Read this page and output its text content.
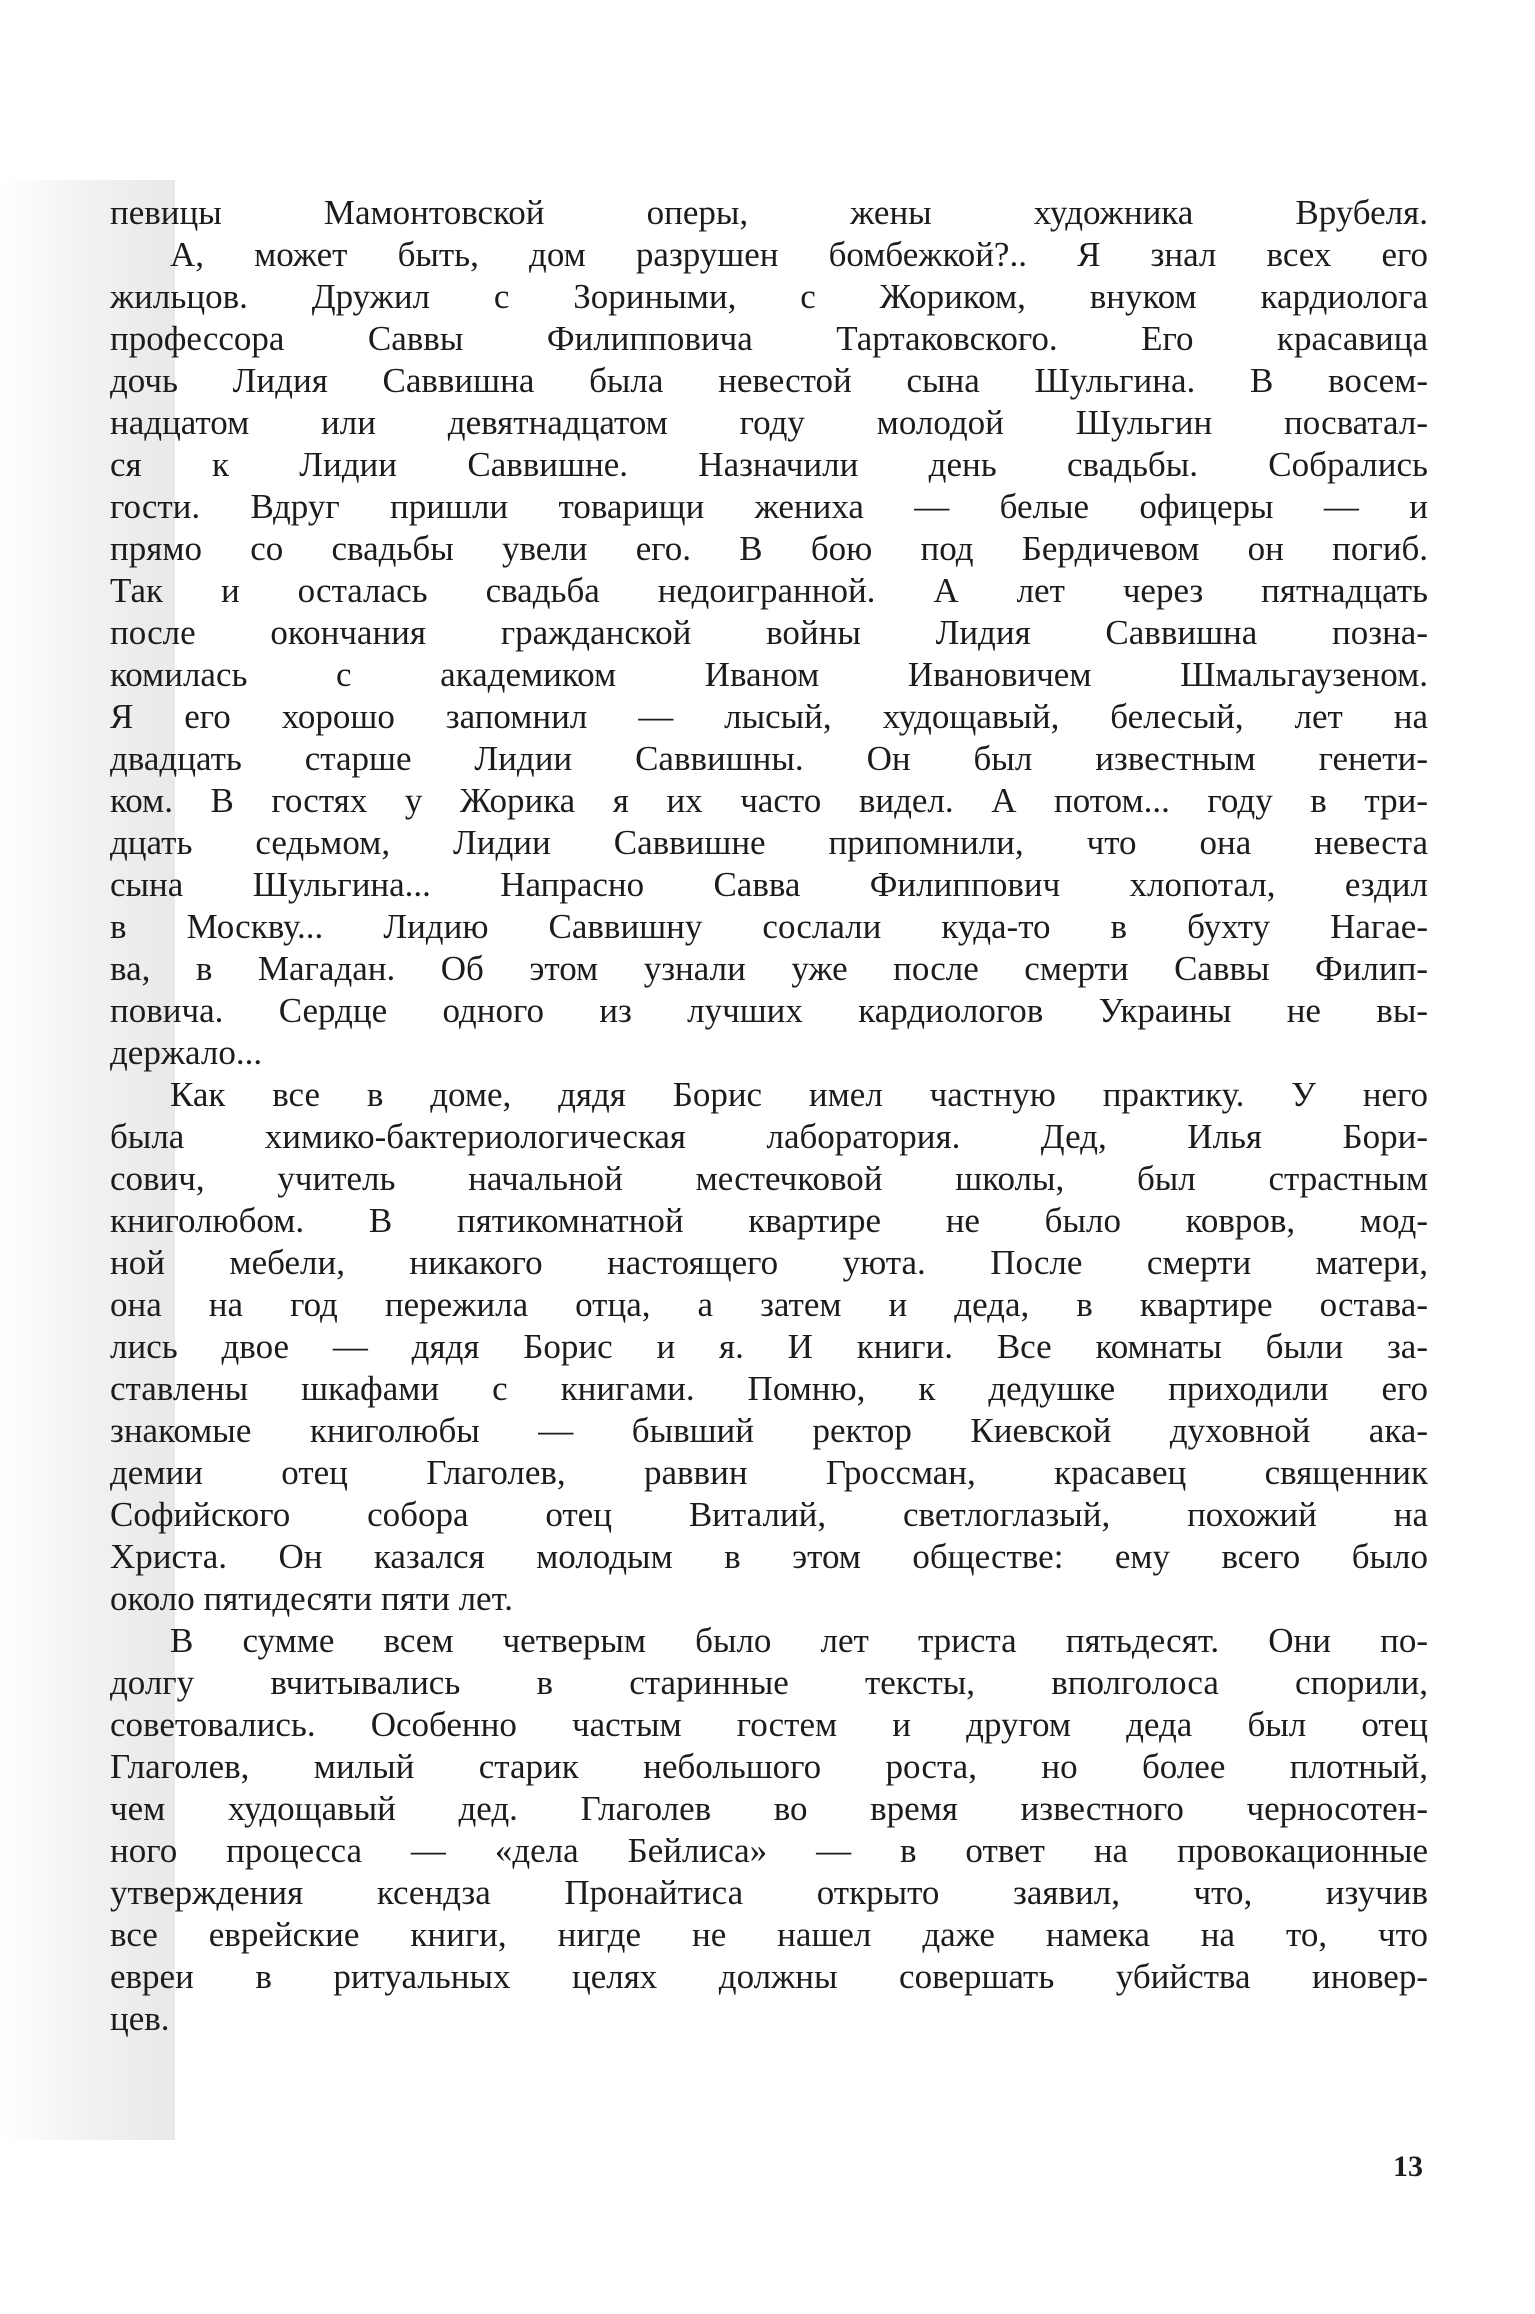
певицы Мамонтовской оперы, жены художника Врубеля.
А, может быть, дом разрушен бомбежкой?.. Я знал всех его
жильцов. Дружил с Зориными, с Жориком, внуком кардиолога
профессора Саввы Филипповича Тартаковского. Его красавица
дочь Лидия Саввишна была невестой сына Шульгина. В восем-
надцатом или девятнадцатом году молодой Шульгин посватал-
ся к Лидии Саввишне. Назначили день свадьбы. Собрались
гости. Вдруг пришли товарищи жениха — белые офицеры — и
прямо со свадьбы увели его. В бою под Бердичевом он погиб.
Так и осталась свадьба недоигранной. А лет через пятнадцать
после окончания гражданской войны Лидия Саввишна позна-
комилась с академиком Иваном Ивановичем Шмальгаузеном.
Я его хорошо запомнил — лысый, худощавый, белесый, лет на
двадцать старше Лидии Саввишны. Он был известным генети-
ком. В гостях у Жорика я их часто видел. А потом... году в три-
дцать седьмом, Лидии Саввишне припомнили, что она невеста
сына Шульгина... Напрасно Савва Филиппович хлопотал, ездил
в Москву... Лидию Саввишну сослали куда-то в бухту Нагае-
ва, в Магадан. Об этом узнали уже после смерти Саввы Филип-
повича. Сердце одного из лучших кардиологов Украины не вы-
держало...
Как все в доме, дядя Борис имел частную практику. У него
была химико-бактериологическая лаборатория. Дед, Илья Бори-
сович, учитель начальной местечковой школы, был страстным
книголюбом. В пятикомнатной квартире не было ковров, мод-
ной мебели, никакого настоящего уюта. После смерти матери,
она на год пережила отца, а затем и деда, в квартире остава-
лись двое — дядя Борис и я. И книги. Все комнаты были за-
ставлены шкафами с книгами. Помню, к дедушке приходили его
знакомые книголюбы — бывший ректор Киевской духовной ака-
демии отец Глаголев, раввин Гроссман, красавец священник
Софийского собора отец Виталий, светлоглазый, похожий на
Христа. Он казался молодым в этом обществе: ему всего было
около пятидесяти пяти лет.
В сумме всем четверым было лет триста пятьдесят. Они по-
долгу вчитывались в старинные тексты, вполголоса спорили,
советовались. Особенно частым гостем и другом деда был отец
Глаголев, милый старик небольшого роста, но более плотный,
чем худощавый дед. Глаголев во время известного черносотен-
ного процесса — «дела Бейлиса» — в ответ на провокационные
утверждения ксендза Пронайтиса открыто заявил, что, изучив
все еврейские книги, нигде не нашел даже намека на то, что
евреи в ритуальных целях должны совершать убийства иновер-
цев.
13
